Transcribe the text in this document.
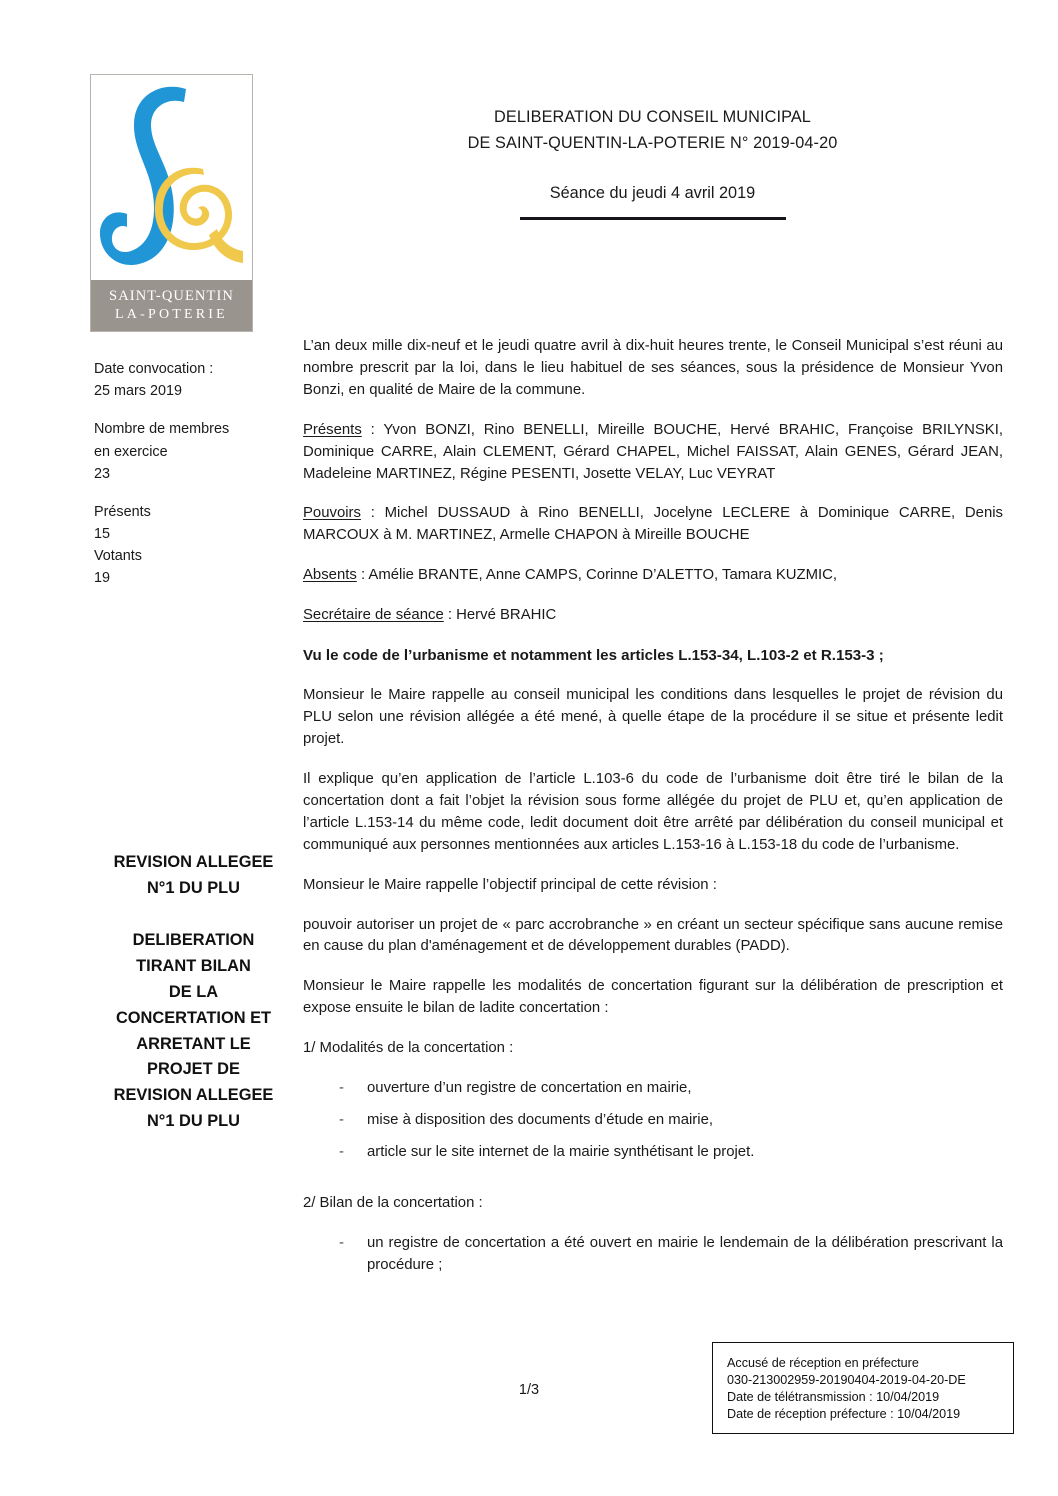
SAINT-QUENTIN
LA-POTERIE
DELIBERATION DU CONSEIL MUNICIPAL
DE SAINT-QUENTIN-LA-POTERIE N° 2019-04-20
Séance du jeudi 4 avril 2019
Date convocation :
25 mars 2019
Nombre de membres
en exercice
23
Présents
15
Votants
19
REVISION ALLEGEE
N°1 DU PLU
DELIBERATION
TIRANT BILAN
DE LA
CONCERTATION ET
ARRETANT LE
PROJET DE
REVISION ALLEGEE
N°1 DU PLU

L’an deux mille dix-neuf et le jeudi quatre avril à dix-huit heures trente, le Conseil Municipal s’est réuni au nombre prescrit par la loi, dans le lieu habituel de ses séances, sous la présidence de Monsieur Yvon Bonzi, en qualité de Maire de la commune.

Présents : Yvon BONZI, Rino BENELLI, Mireille BOUCHE, Hervé BRAHIC, Françoise BRILYNSKI, Dominique CARRE, Alain CLEMENT, Gérard CHAPEL, Michel FAISSAT, Alain GENES, Gérard JEAN, Madeleine MARTINEZ, Régine PESENTI, Josette VELAY, Luc VEYRAT

Pouvoirs : Michel DUSSAUD à Rino BENELLI, Jocelyne LECLERE à Dominique CARRE, Denis MARCOUX à M. MARTINEZ, Armelle CHAPON à Mireille BOUCHE

Absents : Amélie BRANTE, Anne CAMPS, Corinne D’ALETTO, Tamara KUZMIC,

Secrétaire de séance : Hervé BRAHIC

Vu le code de l’urbanisme et notamment les articles L.153-34, L.103-2 et R.153-3 ;

Monsieur le Maire rappelle au conseil municipal les conditions dans lesquelles le projet de révision du PLU selon une révision allégée a été mené, à quelle étape de la procédure il se situe et présente ledit projet.

Il explique qu’en application de l’article L.103-6 du code de l’urbanisme doit être tiré le bilan de la concertation dont a fait l’objet la révision sous forme allégée du projet de PLU et, qu’en application de l’article L.153-14 du même code, ledit document doit être arrêté par délibération du conseil municipal et communiqué aux personnes mentionnées aux articles L.153-16 à L.153-18 du code de l’urbanisme.

Monsieur le Maire rappelle l’objectif principal de cette révision :

pouvoir autoriser un projet de « parc accrobranche » en créant un secteur spécifique sans aucune remise en cause du plan d'aménagement et de développement durables (PADD).

Monsieur le Maire rappelle les modalités de concertation figurant sur la délibération de prescription et expose ensuite le bilan de ladite concertation :

1/ Modalités de la concertation :

- ouverture d’un registre de concertation en mairie,
- mise à disposition des documents d’étude en mairie,
- article sur le site internet de la mairie synthétisant le projet.

2/ Bilan de la concertation :

- un registre de concertation a été ouvert en mairie le lendemain de la délibération prescrivant la procédure ;
1/3
Accusé de réception en préfecture
030-213002959-20190404-2019-04-20-DE
Date de télétransmission : 10/04/2019
Date de réception préfecture : 10/04/2019
